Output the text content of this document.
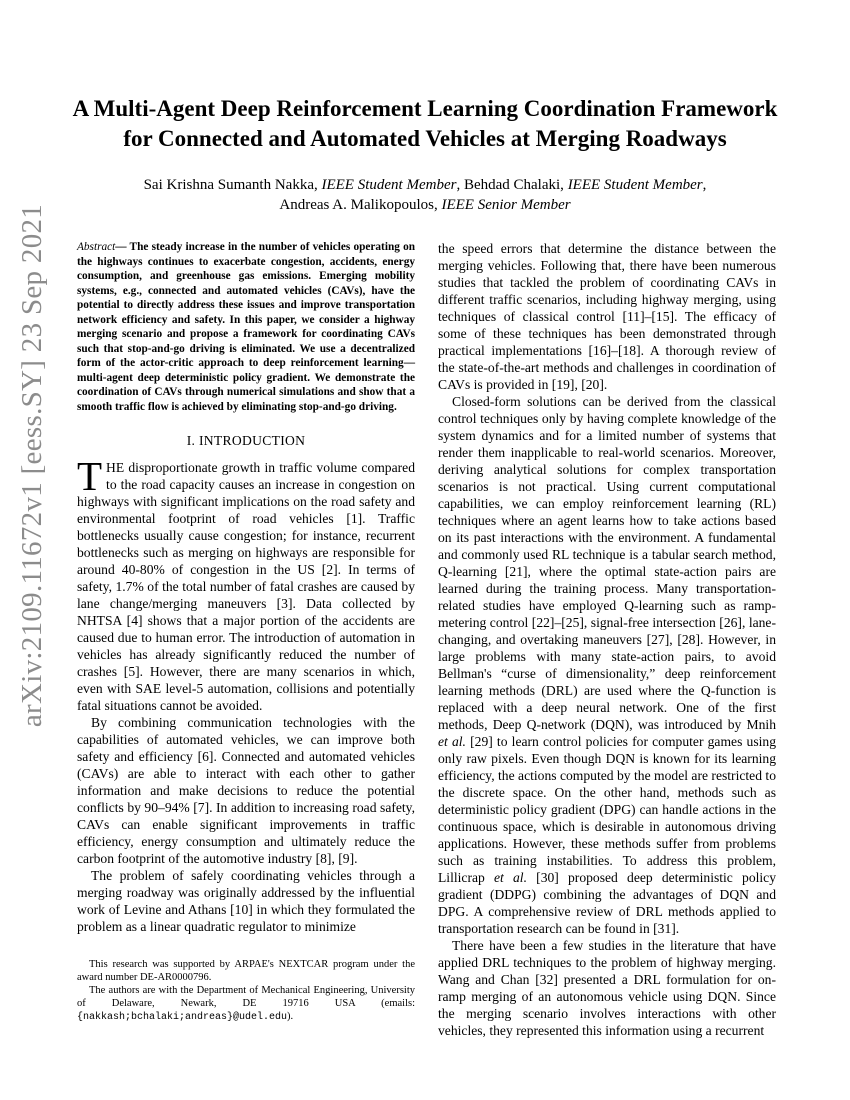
arXiv:2109.11672v1 [eess.SY] 23 Sep 2021
A Multi-Agent Deep Reinforcement Learning Coordination Framework
for Connected and Automated Vehicles at Merging Roadways
Sai Krishna Sumanth Nakka, IEEE Student Member, Behdad Chalaki, IEEE Student Member,
Andreas A. Malikopoulos, IEEE Senior Member

Abstract— The steady increase in the number of vehicles operating on the highways continues to exacerbate congestion, accidents, energy consumption, and greenhouse gas emissions. Emerging mobility systems, e.g., connected and automated vehicles (CAVs), have the potential to directly address these issues and improve transportation network efficiency and safety. In this paper, we consider a highway merging scenario and propose a framework for coordinating CAVs such that stop-and-go driving is eliminated. We use a decentralized form of the actor-critic approach to deep reinforcement learning—multi-agent deep deterministic policy gradient. We demonstrate the coordination of CAVs through numerical simulations and show that a smooth traffic flow is achieved by eliminating stop-and-go driving.

I. INTRODUCTION

THE disproportionate growth in traffic volume compared to the road capacity causes an increase in congestion on highways with significant implications on the road safety and environmental footprint of road vehicles [1]. Traffic bottlenecks usually cause congestion; for instance, recurrent bottlenecks such as merging on highways are responsible for around 40-80% of congestion in the US [2]. In terms of safety, 1.7% of the total number of fatal crashes are caused by lane change/merging maneuvers [3]. Data collected by NHTSA [4] shows that a major portion of the accidents are caused due to human error. The introduction of automation in vehicles has already significantly reduced the number of crashes [5]. However, there are many scenarios in which, even with SAE level-5 automation, collisions and potentially fatal situations cannot be avoided.

By combining communication technologies with the capabilities of automated vehicles, we can improve both safety and efficiency [6]. Connected and automated vehicles (CAVs) are able to interact with each other to gather information and make decisions to reduce the potential conflicts by 90–94% [7]. In addition to increasing road safety, CAVs can enable significant improvements in traffic efficiency, energy consumption and ultimately reduce the carbon footprint of the automotive industry [8], [9].

The problem of safely coordinating vehicles through a merging roadway was originally addressed by the influential work of Levine and Athans [10] in which they formulated the problem as a linear quadratic regulator to minimize

This research was supported by ARPAE's NEXTCAR program under the award number DE-AR0000796.

The authors are with the Department of Mechanical Engineering, University of Delaware, Newark, DE 19716 USA (emails: {nakkash;bchalaki;andreas}@udel.edu).

the speed errors that determine the distance between the merging vehicles. Following that, there have been numerous studies that tackled the problem of coordinating CAVs in different traffic scenarios, including highway merging, using techniques of classical control [11]–[15]. The efficacy of some of these techniques has been demonstrated through practical implementations [16]–[18]. A thorough review of the state-of-the-art methods and challenges in coordination of CAVs is provided in [19], [20].

Closed-form solutions can be derived from the classical control techniques only by having complete knowledge of the system dynamics and for a limited number of systems that render them inapplicable to real-world scenarios. Moreover, deriving analytical solutions for complex transportation scenarios is not practical. Using current computational capabilities, we can employ reinforcement learning (RL) techniques where an agent learns how to take actions based on its past interactions with the environment. A fundamental and commonly used RL technique is a tabular search method, Q-learning [21], where the optimal state-action pairs are learned during the training process. Many transportation-related studies have employed Q-learning such as ramp-metering control [22]–[25], signal-free intersection [26], lane-changing, and overtaking maneuvers [27], [28]. However, in large problems with many state-action pairs, to avoid Bellman's “curse of dimensionality,” deep reinforcement learning methods (DRL) are used where the Q-function is replaced with a deep neural network. One of the first methods, Deep Q-network (DQN), was introduced by Mnih et al. [29] to learn control policies for computer games using only raw pixels. Even though DQN is known for its learning efficiency, the actions computed by the model are restricted to the discrete space. On the other hand, methods such as deterministic policy gradient (DPG) can handle actions in the continuous space, which is desirable in autonomous driving applications. However, these methods suffer from problems such as training instabilities. To address this problem, Lillicrap et al. [30] proposed deep deterministic policy gradient (DDPG) combining the advantages of DQN and DPG. A comprehensive review of DRL methods applied to transportation research can be found in [31].

There have been a few studies in the literature that have applied DRL techniques to the problem of highway merging. Wang and Chan [32] presented a DRL formulation for on-ramp merging of an autonomous vehicle using DQN. Since the merging scenario involves interactions with other vehicles, they represented this information using a recurrent
